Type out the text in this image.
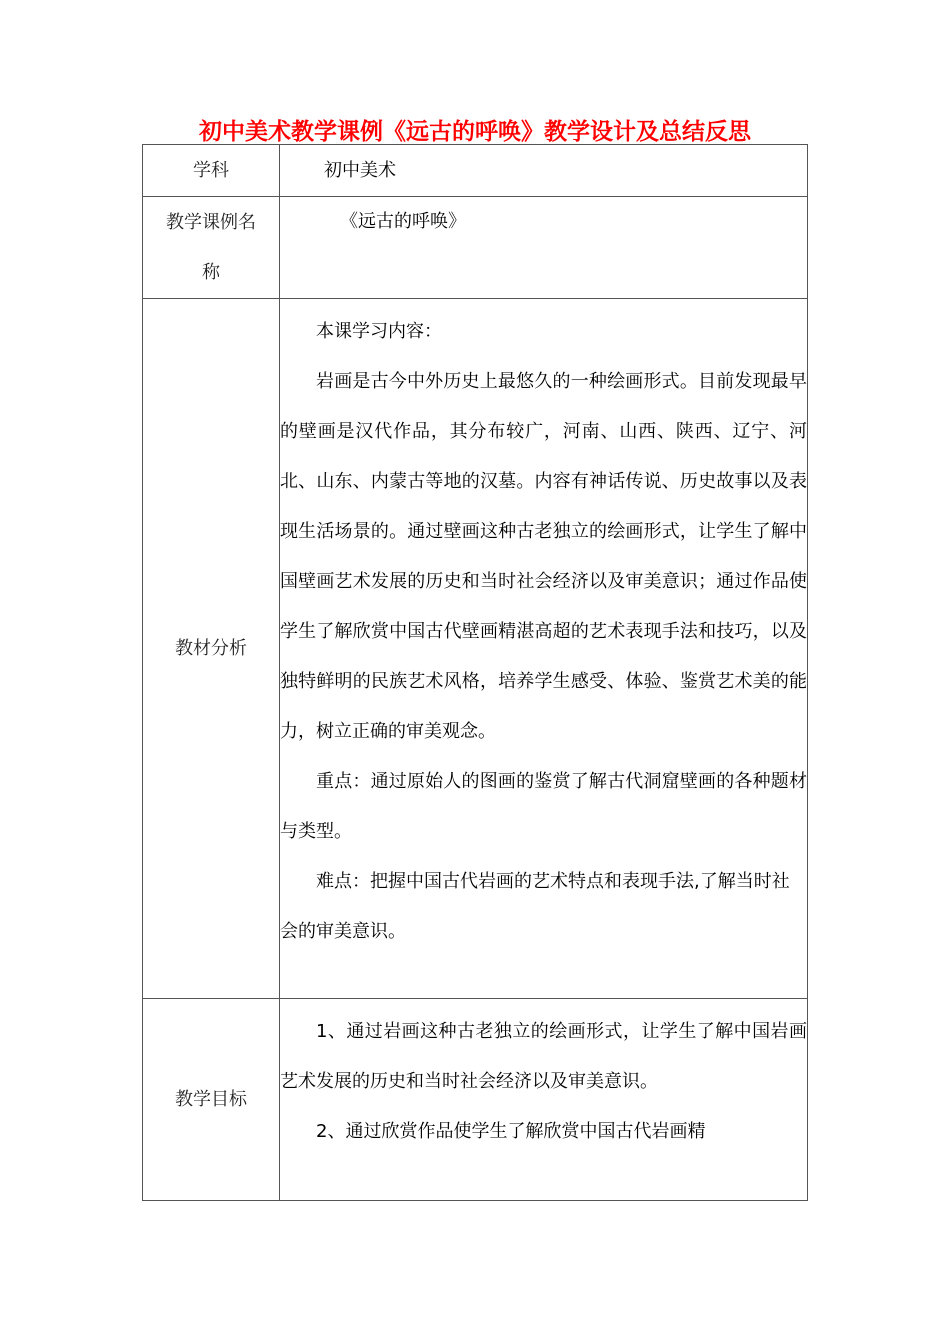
初中美术教学课例《远古的呼唤》教学设计及总结反思
学科	初中美术

教学课例名
称	《远古的呼唤》

教材分析	本课学习内容：

岩画是古今中外历史上最悠久的一种绘画形式。目前发现最早的壁画是汉代作品，其分布较广，河南、山西、陕西、辽宁、河北、山东、内蒙古等地的汉墓。内容有神话传说、历史故事以及表现生活场景的。通过壁画这种古老独立的绘画形式，让学生了解中国壁画艺术发展的历史和当时社会经济以及审美意识；通过作品使学生了解欣赏中国古代壁画精湛高超的艺术表现手法和技巧，以及独特鲜明的民族艺术风格，培养学生感受、体验、鉴赏艺术美的能力，树立正确的审美观念。

重点：通过原始人的图画的鉴赏了解古代洞窟壁画的各种题材与类型。

难点：把握中国古代岩画的艺术特点和表现手法,了解当时社会的审美意识。

教学目标	1、通过岩画这种古老独立的绘画形式，让学生了解中国岩画艺术发展的历史和当时社会经济以及审美意识。

2、通过欣赏作品使学生了解欣赏中国古代岩画精
